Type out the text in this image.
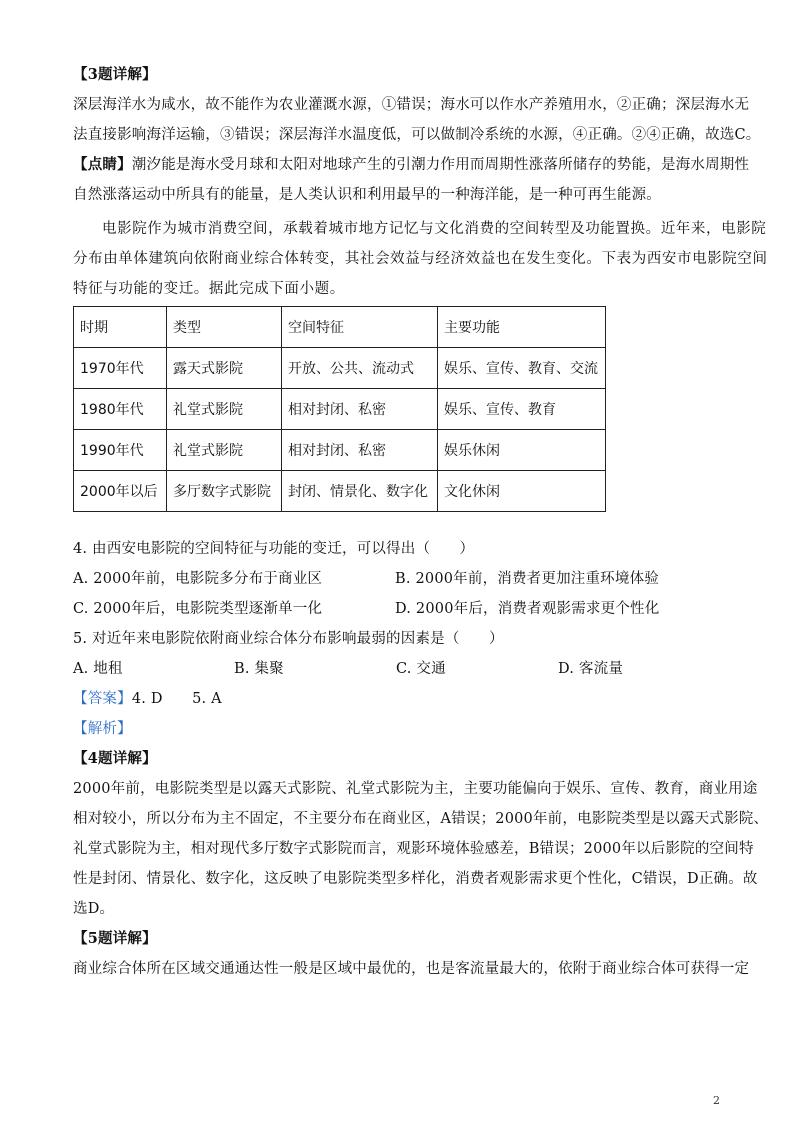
【3题详解】
深层海洋水为咸水，故不能作为农业灌溉水源，①错误；海水可以作水产养殖用水，②正确；深层海水无
法直接影响海洋运输，③错误；深层海洋水温度低，可以做制冷系统的水源，④正确。②④正确，故选C。
【点睛】潮汐能是海水受月球和太阳对地球产生的引潮力作用而周期性涨落所储存的势能，是海水周期性
自然涨落运动中所具有的能量，是人类认识和利用最早的一种海洋能，是一种可再生能源。
电影院作为城市消费空间，承载着城市地方记忆与文化消费的空间转型及功能置换。近年来，电影院
分布由单体建筑向依附商业综合体转变，其社会效益与经济效益也在发生变化。下表为西安市电影院空间
特征与功能的变迁。据此完成下面小题。
时期	类型	空间特征	主要功能
1970年代	露天式影院	开放、公共、流动式	娱乐、宣传、教育、交流
1980年代	礼堂式影院	相对封闭、私密	娱乐、宣传、教育
1990年代	礼堂式影院	相对封闭、私密	娱乐休闲
2000年以后	多厅数字式影院	封闭、情景化、数字化	文化休闲
4. 由西安电影院的空间特征与功能的变迁，可以得出（　　）
A. 2000年前，电影院多分布于商业区	B. 2000年前，消费者更加注重环境体验
C. 2000年后，电影院类型逐渐单一化	D. 2000年后，消费者观影需求更个性化
5. 对近年来电影院依附商业综合体分布影响最弱的因素是（　　）
A. 地租	B. 集聚	C. 交通	D. 客流量
【答案】4. D　　5. A
【解析】
【4题详解】
2000年前，电影院类型是以露天式影院、礼堂式影院为主，主要功能偏向于娱乐、宣传、教育，商业用途
相对较小，所以分布为主不固定，不主要分布在商业区，A错误；2000年前，电影院类型是以露天式影院、
礼堂式影院为主，相对现代多厅数字式影院而言，观影环境体验感差，B错误；2000年以后影院的空间特
性是封闭、情景化、数字化，这反映了电影院类型多样化，消费者观影需求更个性化，C错误，D正确。故
选D。
【5题详解】
商业综合体所在区域交通通达性一般是区域中最优的，也是客流量最大的，依附于商业综合体可获得一定
2
